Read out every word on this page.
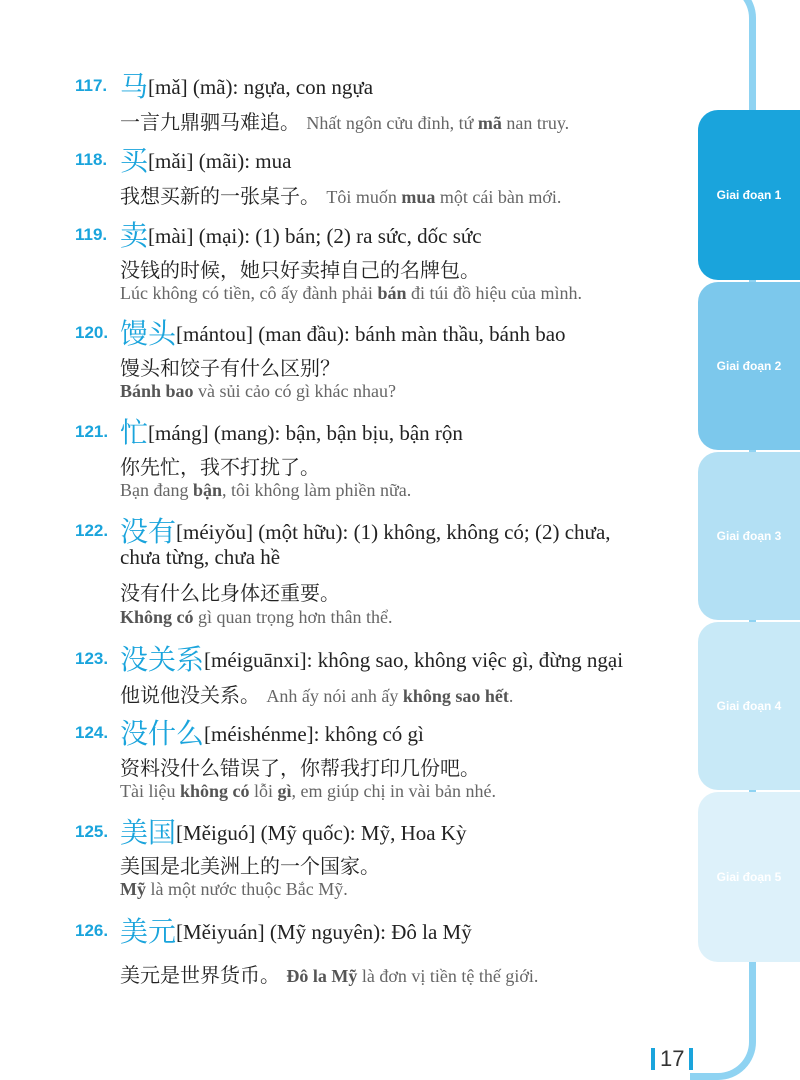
Giai đoạn 1
Giai đoạn 2
Giai đoạn 3
Giai đoạn 4
Giai đoạn 5
117. 马[mǎ] (mã): ngựa, con ngựa
一言九鼎驷马难追。 Nhất ngôn cửu đỉnh, tứ mã nan truy.
118. 买[mǎi] (mãi): mua
我想买新的一张桌子。 Tôi muốn mua một cái bàn mới.
119. 卖[mài] (mại): (1) bán; (2) ra sức, dốc sức
没钱的时候，她只好卖掉自己的名牌包。
Lúc không có tiền, cô ấy đành phải bán đi túi đồ hiệu của mình.
120. 馒头[mántou] (man đầu): bánh màn thầu, bánh bao
馒头和饺子有什么区别？
Bánh bao và sủi cảo có gì khác nhau?
121. 忙[máng] (mang): bận, bận bịu, bận rộn
你先忙，我不打扰了。
Bạn đang bận, tôi không làm phiền nữa.
122. 没有[méiyǒu] (một hữu): (1) không, không có; (2) chưa,
chưa từng, chưa hề
没有什么比身体还重要。
Không có gì quan trọng hơn thân thể.
123. 没关系[méiguānxi]: không sao, không việc gì, đừng ngại
他说他没关系。 Anh ấy nói anh ấy không sao hết.
124. 没什么[méishénme]: không có gì
资料没什么错误了，你帮我打印几份吧。
Tài liệu không có lỗi gì, em giúp chị in vài bản nhé.
125. 美国[Měiguó] (Mỹ quốc): Mỹ, Hoa Kỳ
美国是北美洲上的一个国家。
Mỹ là một nước thuộc Bắc Mỹ.
126. 美元[Měiyuán] (Mỹ nguyên): Đô la Mỹ
美元是世界货币。 Đô la Mỹ là đơn vị tiền tệ thế giới.
17
